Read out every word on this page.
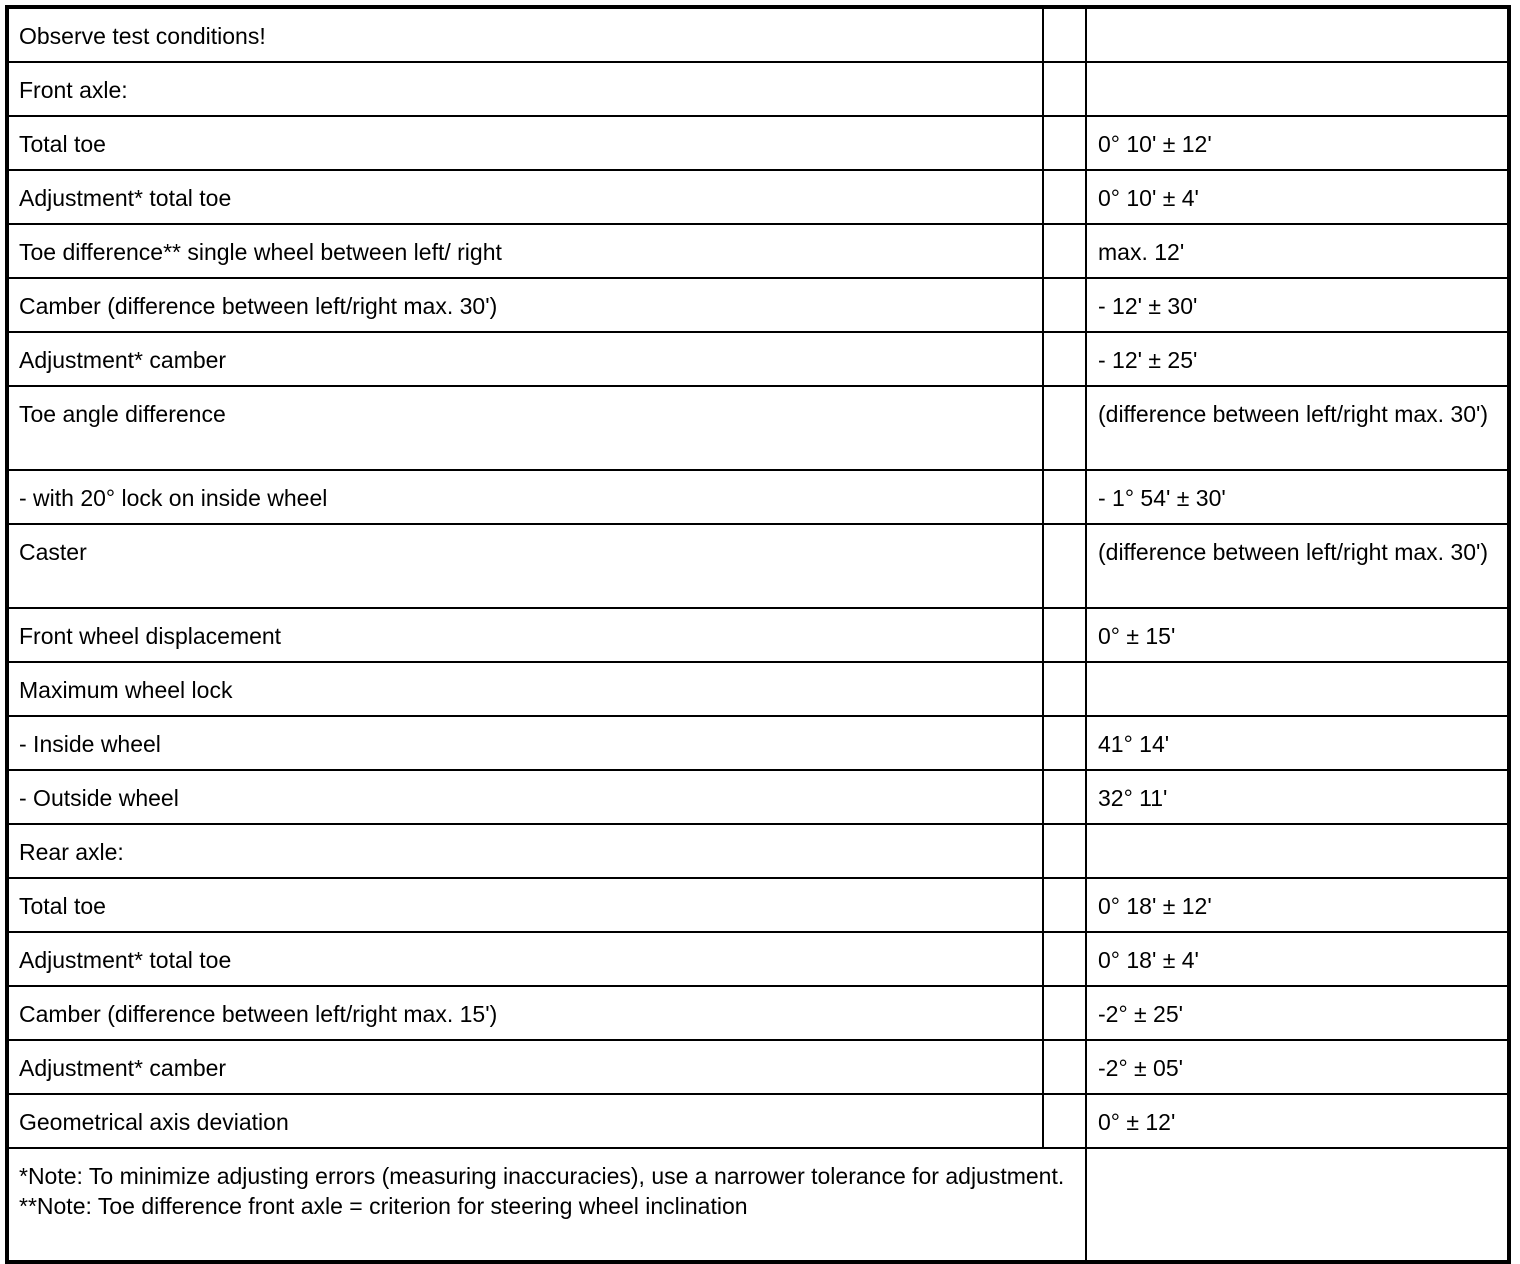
Observe test conditions!		
Front axle:		
Total toe		0° 10' ± 12'
Adjustment* total toe		0° 10' ± 4'
Toe difference** single wheel between left/ right		max. 12'
Camber (difference between left/right max. 30')		- 12' ± 30'
Adjustment* camber		- 12' ± 25'
Toe angle difference		(difference between left/right max. 30')
- with 20° lock on inside wheel		- 1° 54' ± 30'
Caster		(difference between left/right max. 30')
Front wheel displacement		0° ± 15'
Maximum wheel lock		
- Inside wheel		41° 14'
- Outside wheel		32° 11'
Rear axle:		
Total toe		0° 18' ± 12'
Adjustment* total toe		0° 18' ± 4'
Camber (difference between left/right max. 15')		-2° ± 25'
Adjustment* camber		-2° ± 05'
Geometrical axis deviation		0° ± 12'

*Note: To minimize adjusting errors (measuring inaccuracies), use a narrower tolerance for adjustment.
**Note: Toe difference front axle = criterion for steering wheel inclination		
